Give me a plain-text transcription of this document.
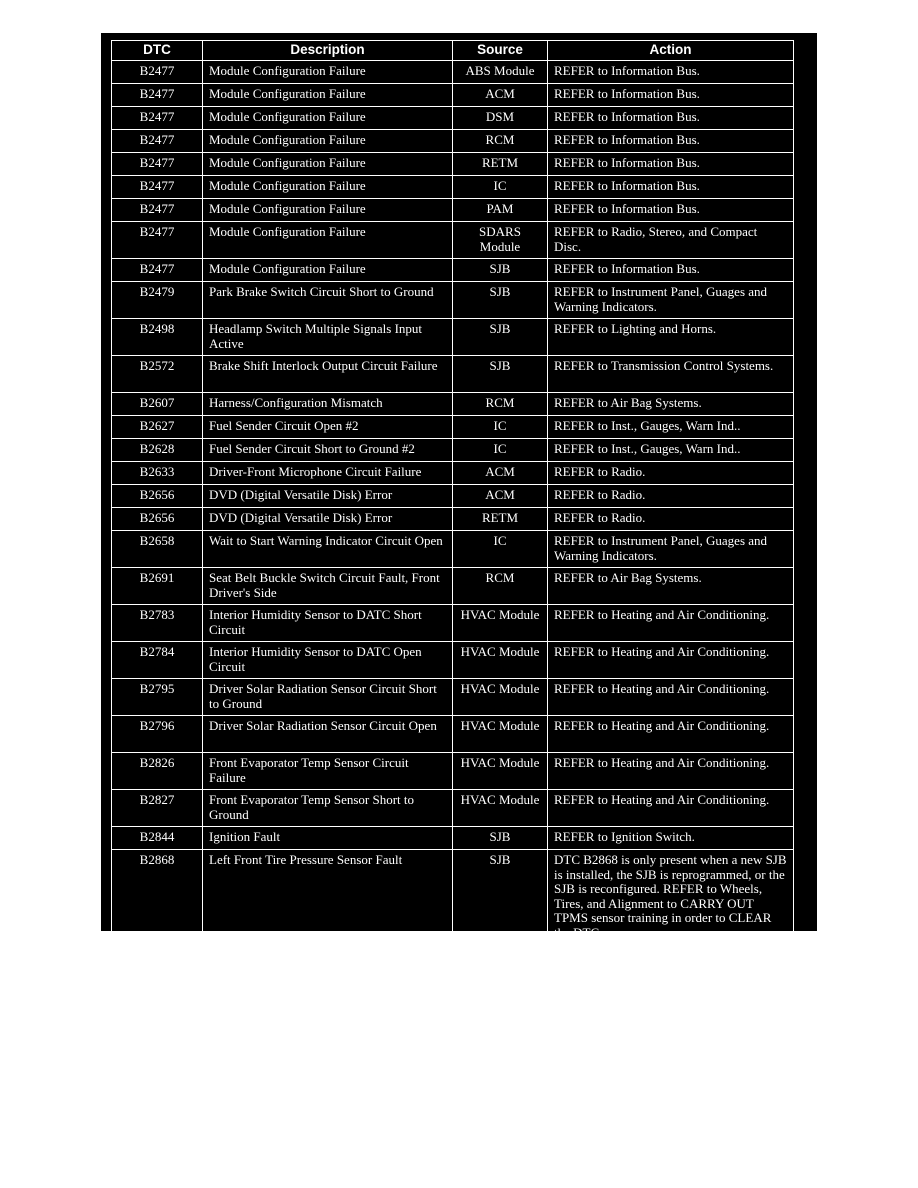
DTC	Description	Source	Action
B2477	Module Configuration Failure	ABS Module	REFER to Information Bus.
B2477	Module Configuration Failure	ACM	REFER to Information Bus.
B2477	Module Configuration Failure	DSM	REFER to Information Bus.
B2477	Module Configuration Failure	RCM	REFER to Information Bus.
B2477	Module Configuration Failure	RETM	REFER to Information Bus.
B2477	Module Configuration Failure	IC	REFER to Information Bus.
B2477	Module Configuration Failure	PAM	REFER to Information Bus.
B2477	Module Configuration Failure	SDARS Module	REFER to Radio, Stereo, and Compact Disc.
B2477	Module Configuration Failure	SJB	REFER to Information Bus.
B2479	Park Brake Switch Circuit Short to Ground	SJB	REFER to Instrument Panel, Guages and Warning Indicators.
B2498	Headlamp Switch Multiple Signals Input Active	SJB	REFER to Lighting and Horns.
B2572	Brake Shift Interlock Output Circuit Failure	SJB	REFER to Transmission Control Systems.
B2607	Harness/Configuration Mismatch	RCM	REFER to Air Bag Systems.
B2627	Fuel Sender Circuit Open #2	IC	REFER to Inst., Gauges, Warn Ind..
B2628	Fuel Sender Circuit Short to Ground #2	IC	REFER to Inst., Gauges, Warn Ind..
B2633	Driver-Front Microphone Circuit Failure	ACM	REFER to Radio.
B2656	DVD (Digital Versatile Disk) Error	ACM	REFER to Radio.
B2656	DVD (Digital Versatile Disk) Error	RETM	REFER to Radio.
B2658	Wait to Start Warning Indicator Circuit Open	IC	REFER to Instrument Panel, Guages and Warning Indicators.
B2691	Seat Belt Buckle Switch Circuit Fault, Front Driver's Side	RCM	REFER to Air Bag Systems.
B2783	Interior Humidity Sensor to DATC Short Circuit	HVAC Module	REFER to Heating and Air Conditioning.
B2784	Interior Humidity Sensor to DATC Open Circuit	HVAC Module	REFER to Heating and Air Conditioning.
B2795	Driver Solar Radiation Sensor Circuit Short to Ground	HVAC Module	REFER to Heating and Air Conditioning.
B2796	Driver Solar Radiation Sensor Circuit Open	HVAC Module	REFER to Heating and Air Conditioning.
B2826	Front Evaporator Temp Sensor Circuit Failure	HVAC Module	REFER to Heating and Air Conditioning.
B2827	Front Evaporator Temp Sensor Short to Ground	HVAC Module	REFER to Heating and Air Conditioning.
B2844	Ignition Fault	SJB	REFER to Ignition Switch.
B2868	Left Front Tire Pressure Sensor Fault	SJB	DTC B2868 is only present when a new SJB is installed, the SJB is reprogrammed, or the SJB is reconfigured. REFER to Wheels, Tires, and Alignment to CARRY OUT TPMS sensor training in order to CLEAR the DTC.
